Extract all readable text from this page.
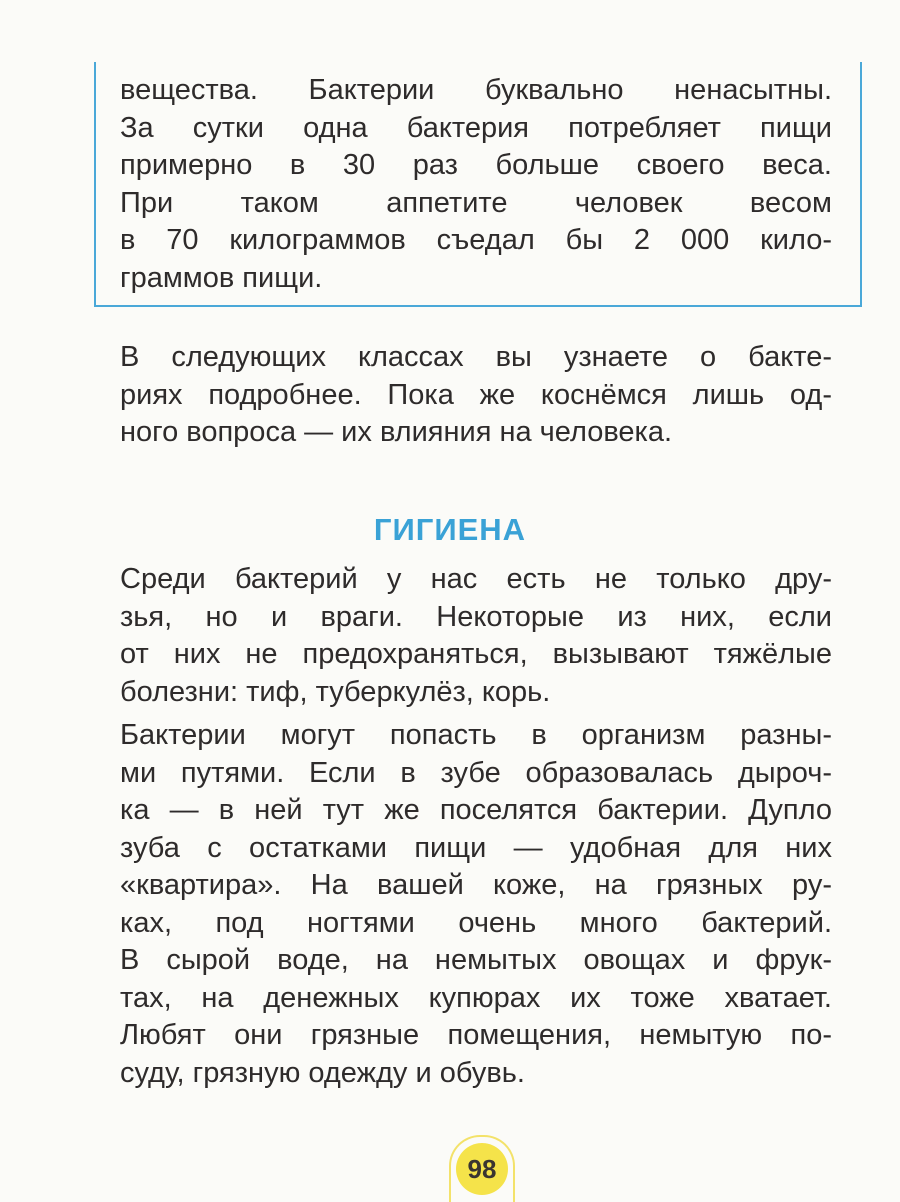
вещества. Бактерии буквально ненасытны.
За сутки одна бактерия потребляет пищи
примерно в 30 раз больше своего веса.
При таком аппетите человек весом
в 70 килограммов съедал бы 2 000 кило-
граммов пищи.
В следующих классах вы узнаете о бакте-
риях подробнее. Пока же коснёмся лишь од-
ного вопроса — их влияния на человека.
ГИГИЕНА
Среди бактерий у нас есть не только дру-
зья, но и враги. Некоторые из них, если
от них не предохраняться, вызывают тяжёлые
болезни: тиф, туберкулёз, корь.
Бактерии могут попасть в организм разны-
ми путями. Если в зубе образовалась дыроч-
ка — в ней тут же поселятся бактерии. Дупло
зуба с остатками пищи — удобная для них
«квартира». На вашей коже, на грязных ру-
ках, под ногтями очень много бактерий.
В сырой воде, на немытых овощах и фрук-
тах, на денежных купюрах их тоже хватает.
Любят они грязные помещения, немытую по-
суду, грязную одежду и обувь.
98
